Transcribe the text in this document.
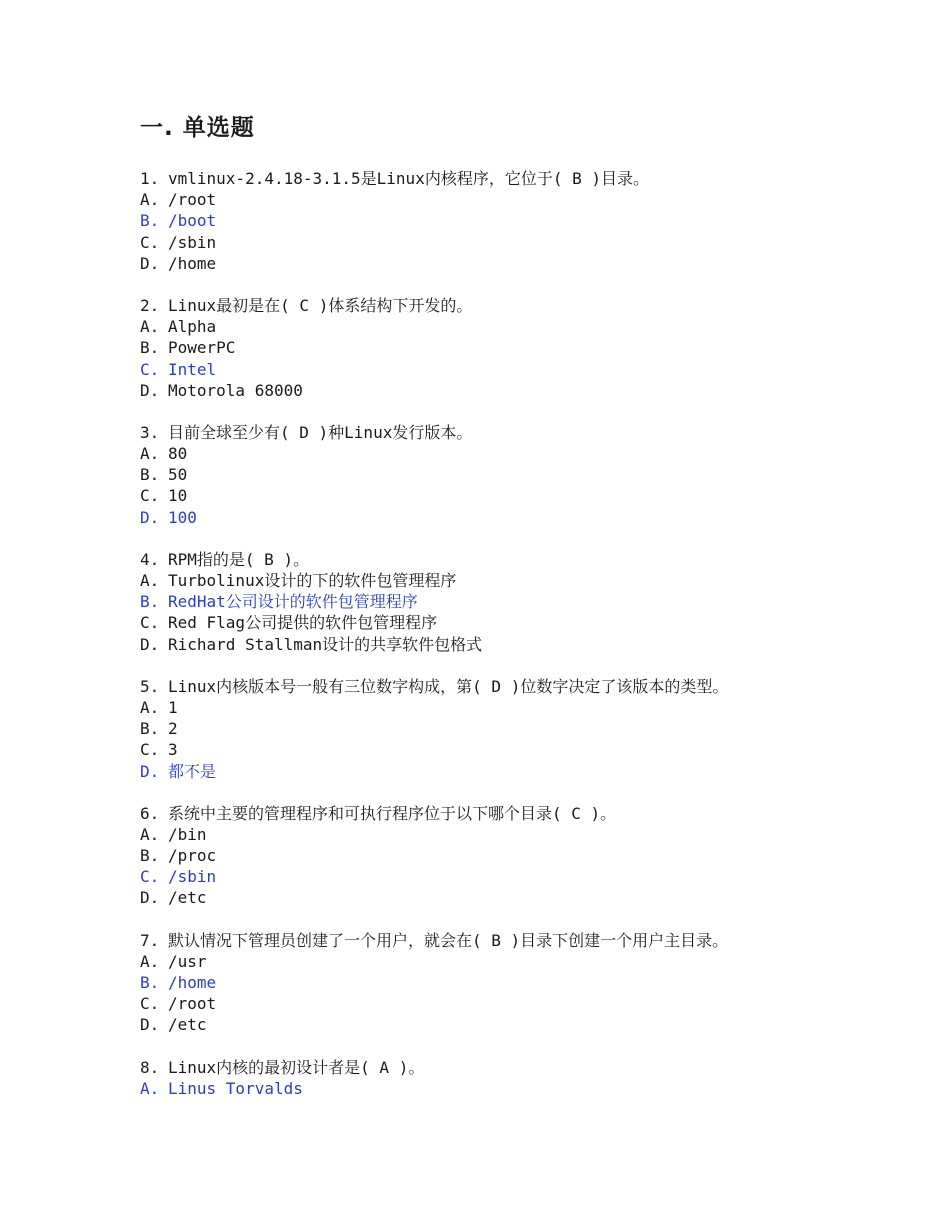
一. 单选题
1. vmlinux-2.4.18-3.1.5是Linux内核程序，它位于( B )目录。
A. /root
B. /boot
C. /sbin
D. /home
2. Linux最初是在( C )体系结构下开发的。
A. Alpha
B. PowerPC
C. Intel
D. Motorola 68000
3. 目前全球至少有( D )种Linux发行版本。
A. 80
B. 50
C. 10
D. 100
4. RPM指的是( B )。
A. Turbolinux设计的下的软件包管理程序
B. RedHat公司设计的软件包管理程序
C. Red Flag公司提供的软件包管理程序
D. Richard Stallman设计的共享软件包格式
5. Linux内核版本号一般有三位数字构成，第( D )位数字决定了该版本的类型。
A. 1
B. 2
C. 3
D. 都不是
6. 系统中主要的管理程序和可执行程序位于以下哪个目录( C )。
A. /bin
B. /proc
C. /sbin
D. /etc
7. 默认情况下管理员创建了一个用户，就会在( B )目录下创建一个用户主目录。
A. /usr
B. /home
C. /root
D. /etc
8. Linux内核的最初设计者是( A )。
A. Linus Torvalds
